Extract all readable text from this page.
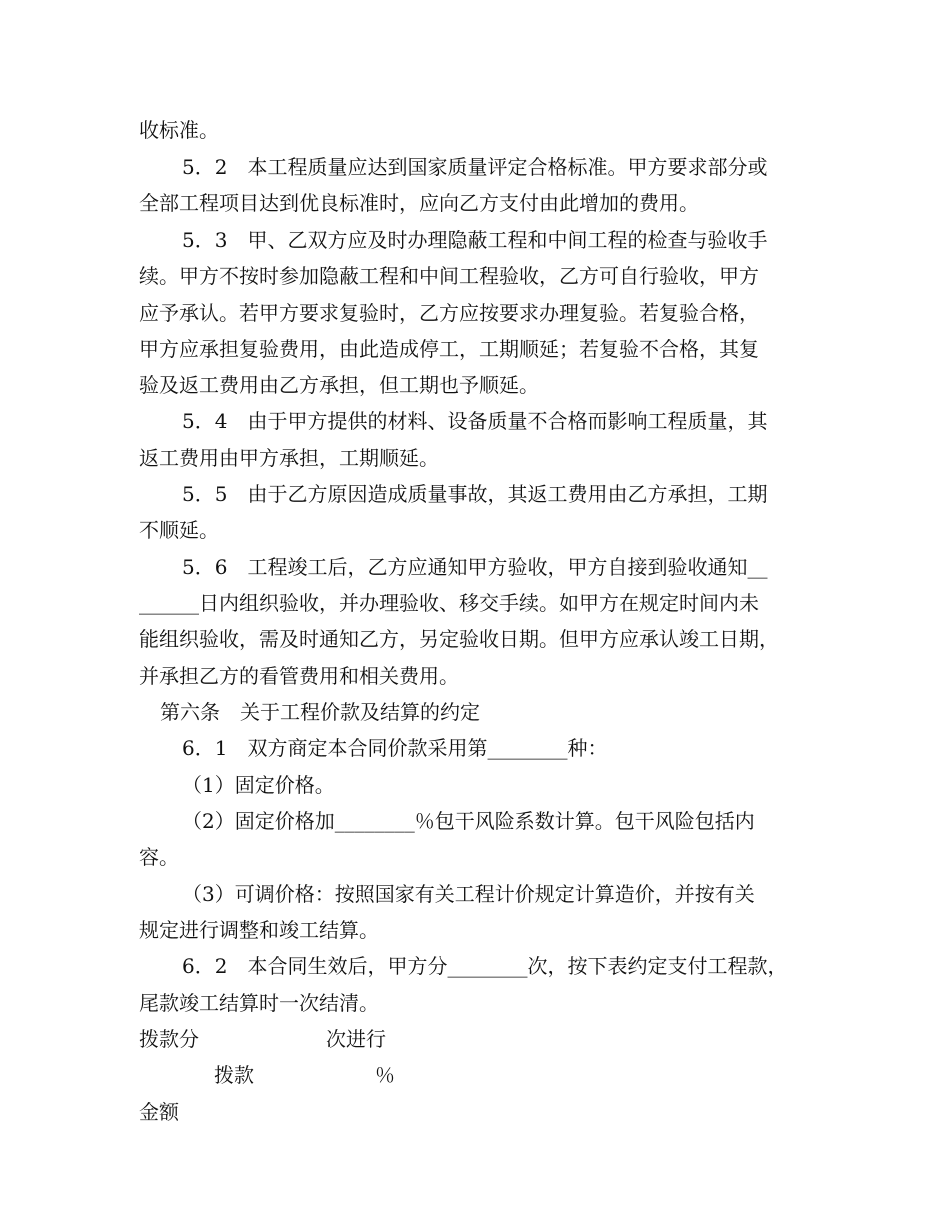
收标准。
5．2　本工程质量应达到国家质量评定合格标准。甲方要求部分或
全部工程项目达到优良标准时，应向乙方支付由此增加的费用。
5．3　甲、乙双方应及时办理隐蔽工程和中间工程的检查与验收手
续。甲方不按时参加隐蔽工程和中间工程验收，乙方可自行验收，甲方
应予承认。若甲方要求复验时，乙方应按要求办理复验。若复验合格，
甲方应承担复验费用，由此造成停工，工期顺延；若复验不合格，其复
验及返工费用由乙方承担，但工期也予顺延。
5．4　由于甲方提供的材料、设备质量不合格而影响工程质量，其
返工费用由甲方承担，工期顺延。
5．5　由于乙方原因造成质量事故，其返工费用由乙方承担，工期
不顺延。
5．6　工程竣工后，乙方应通知甲方验收，甲方自接到验收通知__
______日内组织验收，并办理验收、移交手续。如甲方在规定时间内未
能组织验收，需及时通知乙方，另定验收日期。但甲方应承认竣工日期，
并承担乙方的看管费用和相关费用。
第六条　关于工程价款及结算的约定
6．1　双方商定本合同价款采用第________种：
（1）固定价格。
（2）固定价格加________％包干风险系数计算。包干风险包括内
容。
（3）可调价格：按照国家有关工程计价规定计算造价，并按有关
规定进行调整和竣工结算。
6．2　本合同生效后，甲方分________次，按下表约定支付工程款，
尾款竣工结算时一次结清。
拨款分	次进行
拨款	％
金额
